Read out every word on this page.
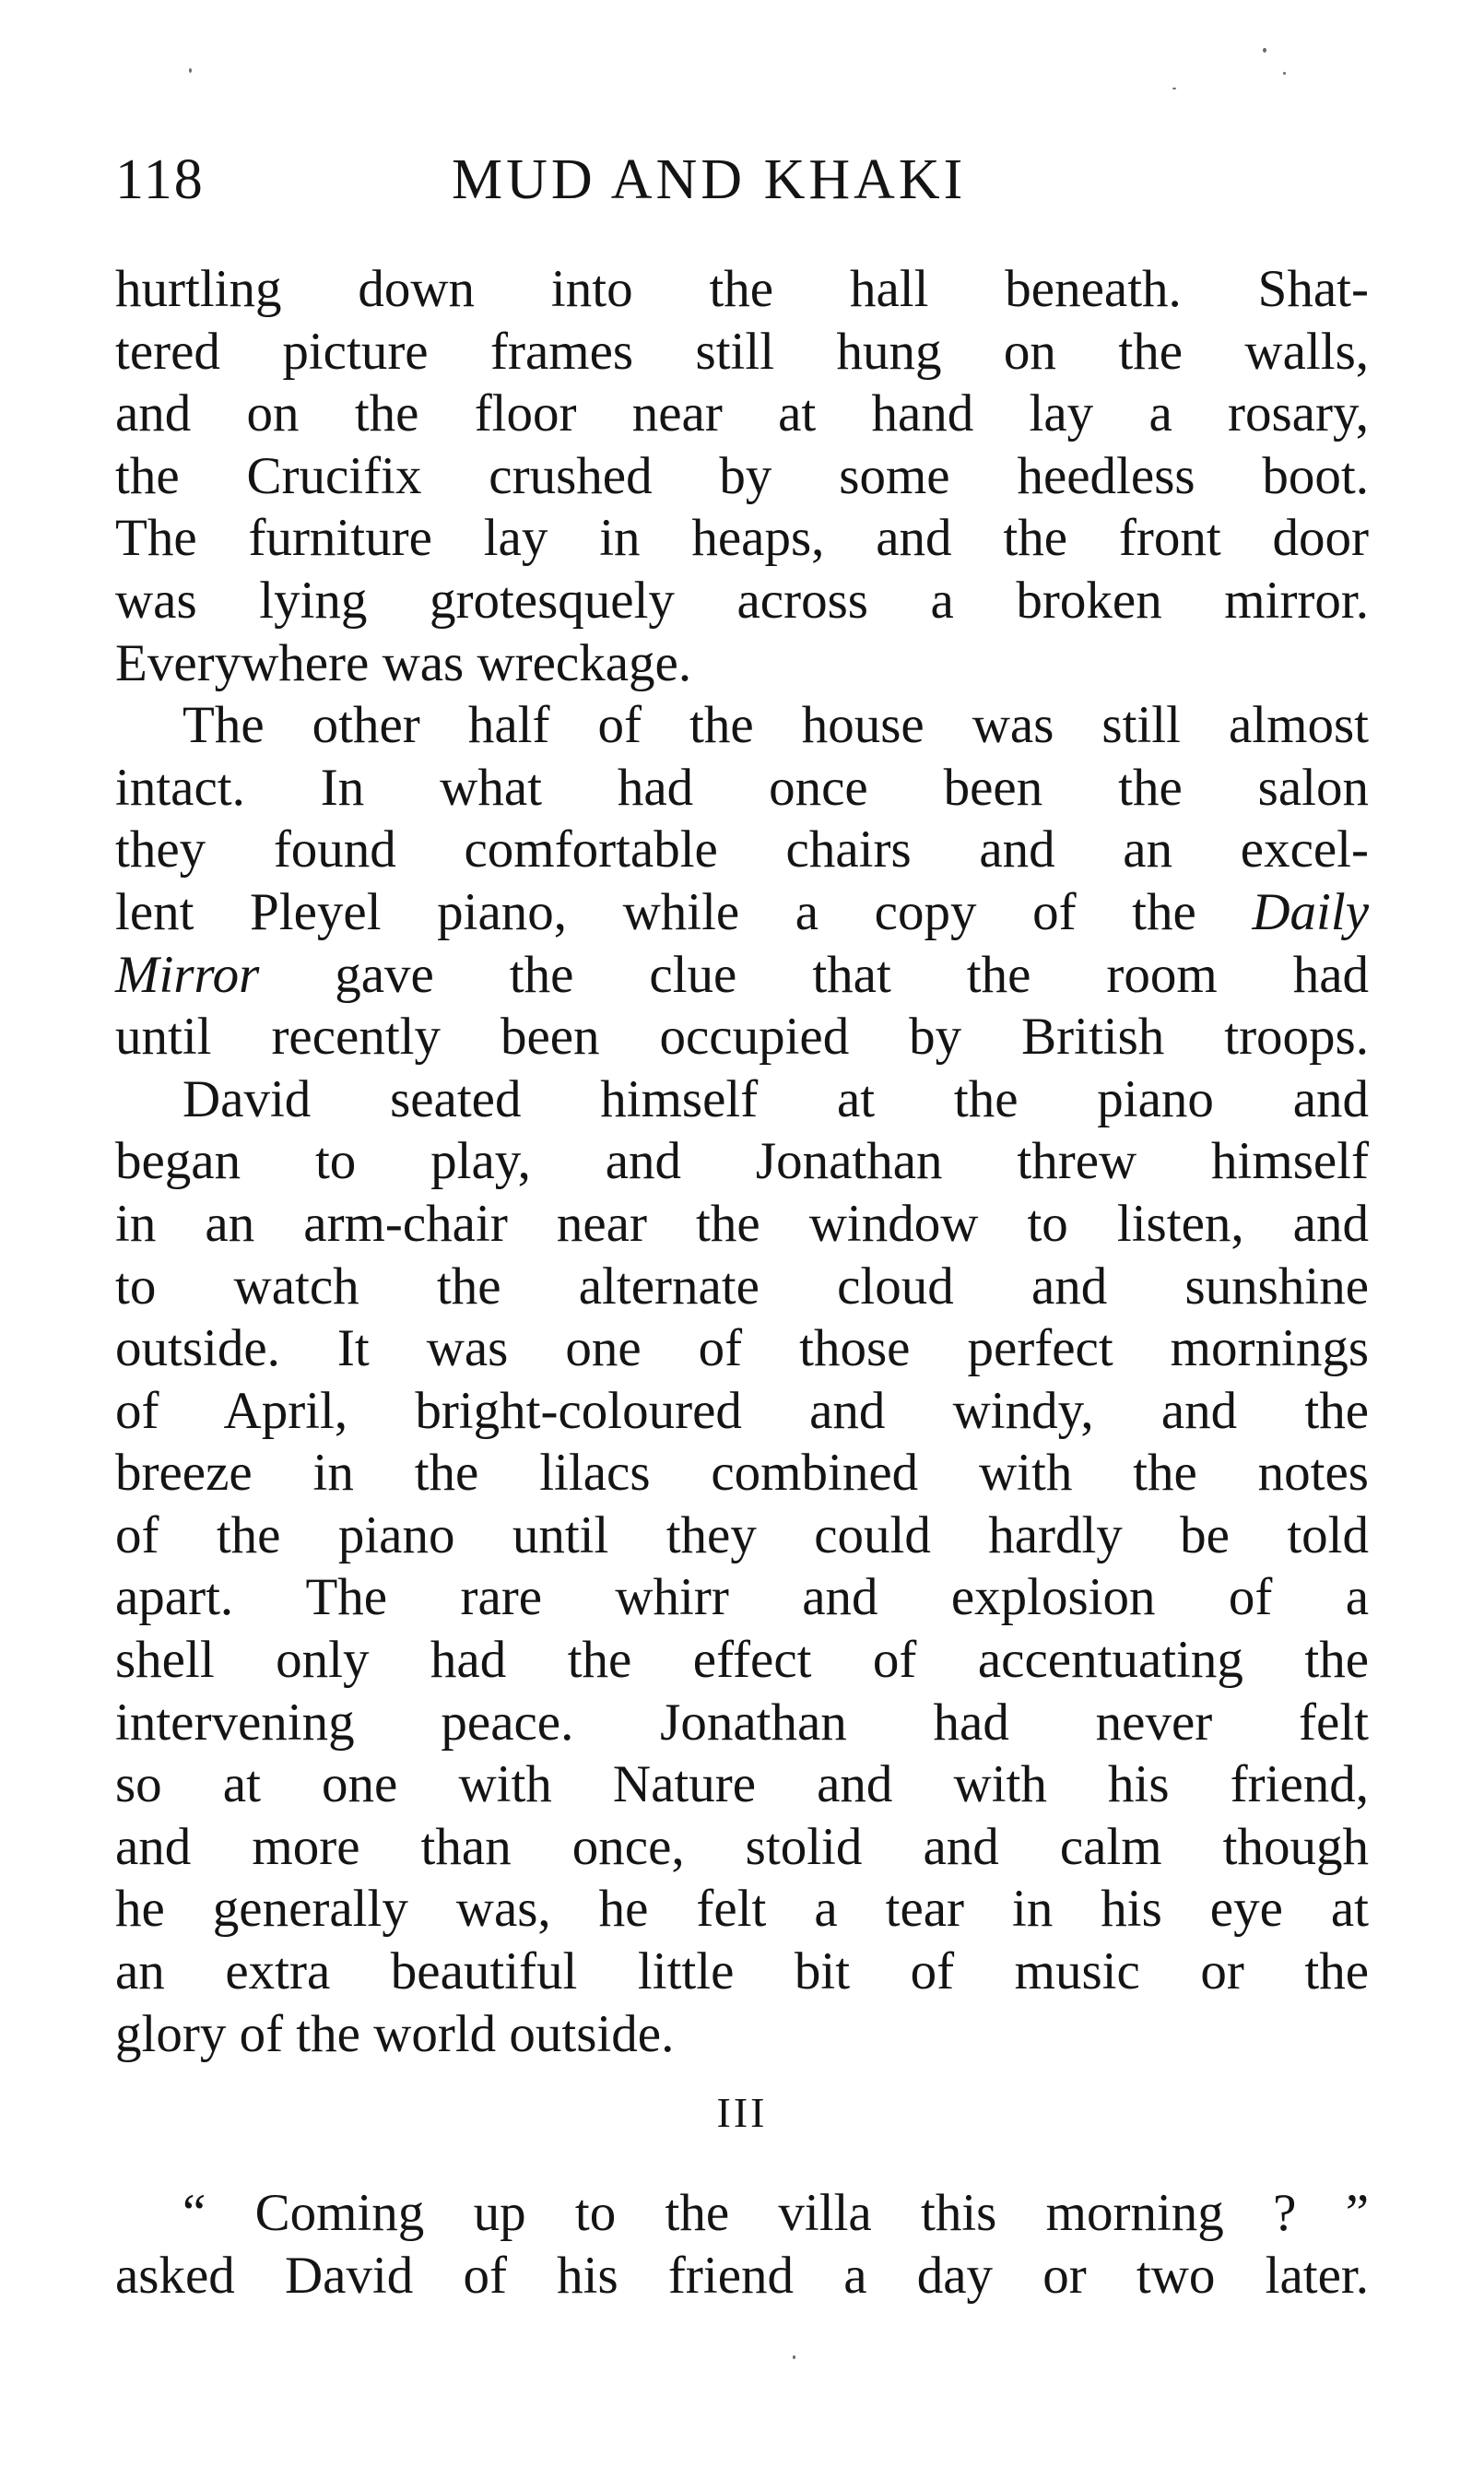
118	MUD AND KHAKI
hurtling down into the hall beneath. Shat-
tered picture frames still hung on the walls,
and on the floor near at hand lay a rosary,
the Crucifix crushed by some heedless boot.
The furniture lay in heaps, and the front door
was lying grotesquely across a broken mirror.
Everywhere was wreckage.
The other half of the house was still almost
intact. In what had once been the salon
they found comfortable chairs and an excel-
lent Pleyel piano, while a copy of the Daily
Mirror gave the clue that the room had
until recently been occupied by British troops.
David seated himself at the piano and
began to play, and Jonathan threw himself
in an arm-chair near the window to listen, and
to watch the alternate cloud and sunshine
outside. It was one of those perfect mornings
of April, bright-coloured and windy, and the
breeze in the lilacs combined with the notes
of the piano until they could hardly be told
apart. The rare whirr and explosion of a
shell only had the effect of accentuating the
intervening peace. Jonathan had never felt
so at one with Nature and with his friend,
and more than once, stolid and calm though
he generally was, he felt a tear in his eye at
an extra beautiful little bit of music or the
glory of the world outside.
III
“ Coming up to the villa this morning ? ”
asked David of his friend a day or two later.
